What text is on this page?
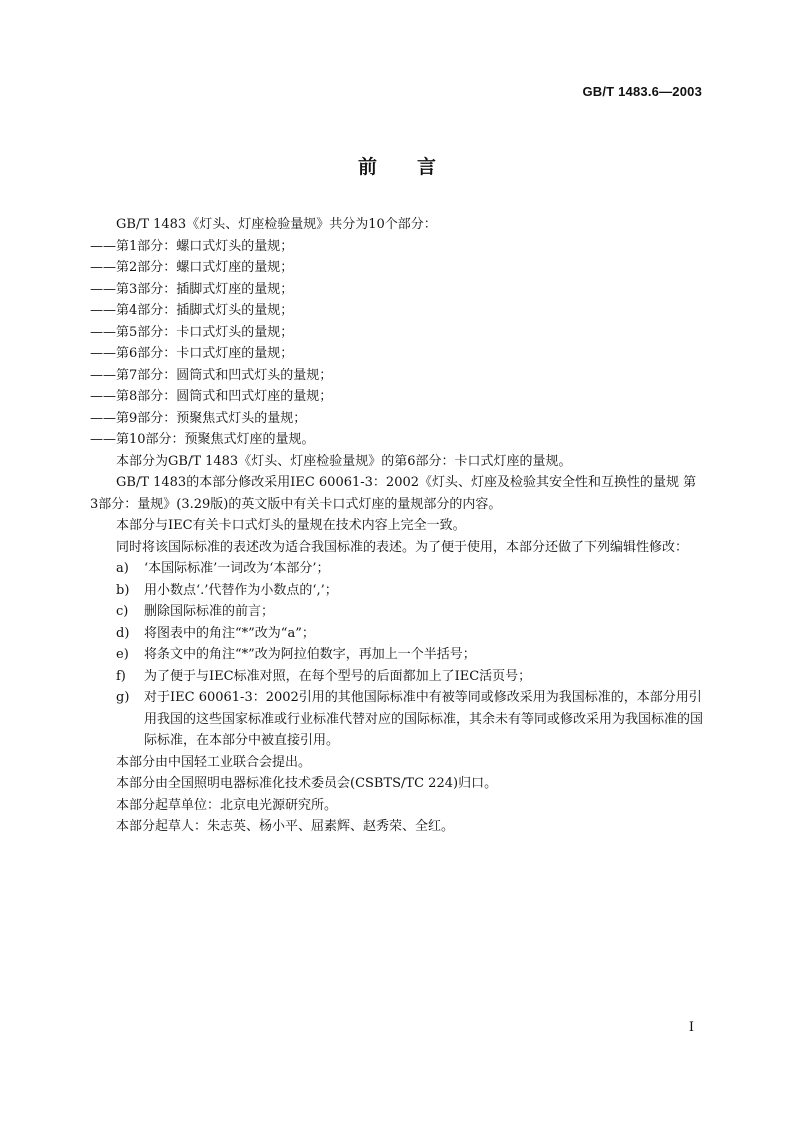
GB/T 1483.6—2003
前言

GB/T 1483《灯头、灯座检验量规》共分为10个部分：

——第1部分：螺口式灯头的量规；

——第2部分：螺口式灯座的量规；

——第3部分：插脚式灯座的量规；

——第4部分：插脚式灯头的量规；

——第5部分：卡口式灯头的量规；

——第6部分：卡口式灯座的量规；

——第7部分：圆筒式和凹式灯头的量规；

——第8部分：圆筒式和凹式灯座的量规；

——第9部分：预聚焦式灯头的量规；

——第10部分：预聚焦式灯座的量规。

本部分为GB/T 1483《灯头、灯座检验量规》的第6部分：卡口式灯座的量规。

GB/T 1483的本部分修改采用IEC 60061-3：2002《灯头、灯座及检验其安全性和互换性的量规 第3部分：量规》(3.29版)的英文版中有关卡口式灯座的量规部分的内容。

本部分与IEC有关卡口式灯头的量规在技术内容上完全一致。

同时将该国际标准的表述改为适合我国标准的表述。为了便于使用，本部分还做了下列编辑性修改：

a)	‘本国际标准’一词改为‘本部分’；
b)	用小数点‘.’代替作为小数点的‘,’；
c)	删除国际标准的前言；
d)	将图表中的角注“*”改为“a”；
e)	将条文中的角注“*”改为阿拉伯数字，再加上一个半括号；
f)	为了便于与IEC标准对照，在每个型号的后面都加上了IEC活页号；
g)	对于IEC 60061-3：2002引用的其他国际标准中有被等同或修改采用为我国标准的，本部分用引用我国的这些国家标准或行业标准代替对应的国际标准，其余未有等同或修改采用为我国标准的国际标准，在本部分中被直接引用。

本部分由中国轻工业联合会提出。

本部分由全国照明电器标准化技术委员会(CSBTS/TC 224)归口。

本部分起草单位：北京电光源研究所。

本部分起草人：朱志英、杨小平、屈素辉、赵秀荣、全红。

I
